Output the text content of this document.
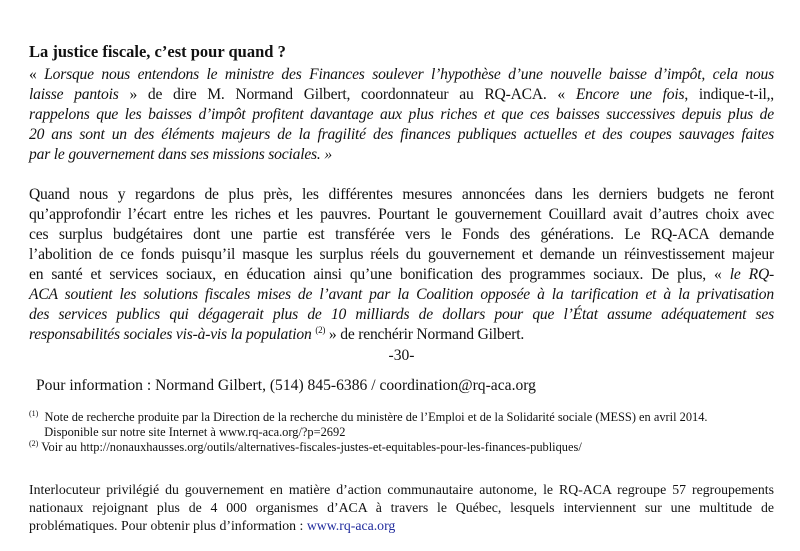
La justice fiscale, c’est pour quand ?
« Lorsque nous entendons le ministre des Finances soulever l’hypothèse d’une nouvelle baisse d’impôt, cela nous
laisse pantois » de dire M. Normand Gilbert, coordonnateur au RQ-ACA. « Encore une fois, indique-t-il,,
rappelons que les baisses d’impôt profitent davantage aux plus riches et que ces baisses successives depuis plus de
20 ans sont un des éléments majeurs de la fragilité des finances publiques actuelles et des coupes sauvages faites
par le gouvernement dans ses missions sociales. »
Quand nous y regardons de plus près, les différentes mesures annoncées dans les derniers budgets ne feront
qu’approfondir l’écart entre les riches et les pauvres. Pourtant le gouvernement Couillard avait d’autres choix avec
ces surplus budgétaires dont une partie est transférée vers le Fonds des générations. Le RQ-ACA demande
l’abolition de ce fonds puisqu’il masque les surplus réels du gouvernement et demande un réinvestissement majeur
en santé et services sociaux, en éducation ainsi qu’une bonification des programmes sociaux. De plus, « le RQ-
ACA soutient les solutions fiscales mises de l’avant par la Coalition opposée à la tarification et à la privatisation
des services publics qui dégagerait plus de 10 milliards de dollars pour que l’État assume adéquatement ses
responsabilités sociales vis-à-vis la population $^{(2)}$ » de renchérir Normand Gilbert.
-30-
Pour information : Normand Gilbert, (514) 845-6386 / coordination@rq-aca.org
$^{(1)}$ Note de recherche produite par la Direction de la recherche du ministère de l’Emploi et de la Solidarité sociale (MESS) en avril 2014.
Disponible sur notre site Internet à www.rq-aca.org/?p=2692
$^{(2)}$ Voir au http://nonauxhausses.org/outils/alternatives-fiscales-justes-et-equitables-pour-les-finances-publiques/
Interlocuteur privilégié du gouvernement en matière d’action communautaire autonome, le RQ-ACA regroupe 57 regroupements nationaux rejoignant plus de 4 000 organismes d’ACA à travers le Québec, lesquels interviennent sur une multitude de problématiques. Pour obtenir plus d’information : www.rq-aca.org
